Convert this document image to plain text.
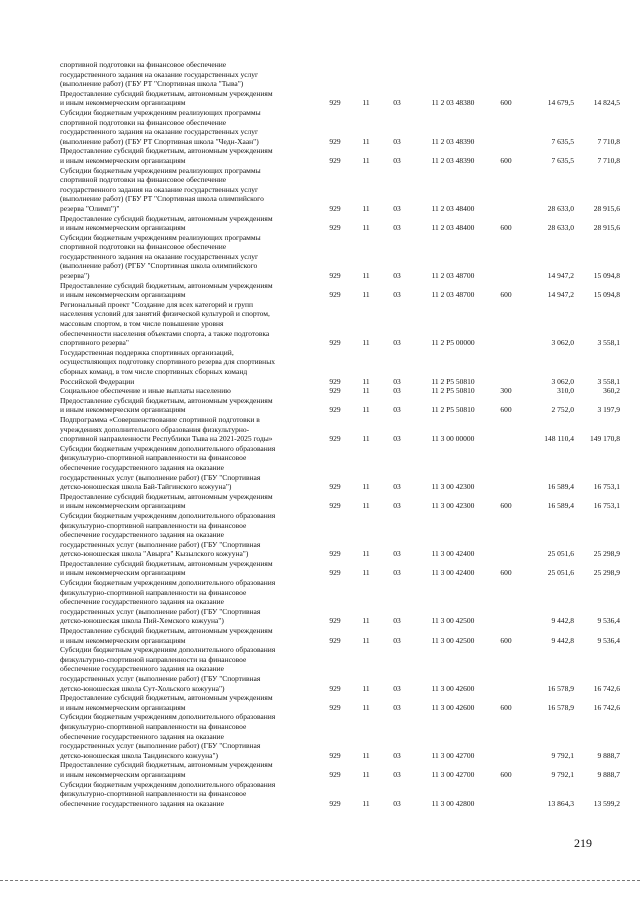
спортивной подготовки на финансовое обеспечение
государственного задания на оказание государственных услуг
(выполнение работ) (ГБУ РТ "Спортивная школа "Тыва")							
Предоставление субсидий бюджетным, автономным учреждениям
и иным некоммерческим организациям	929	11	03	11 2 03 48380	600	14 679,5	14 824,5
Субсидии бюджетным учреждениям реализующих программы
спортивной подготовки на финансовое обеспечение
государственного задания на оказание государственных услуг
(выполнение работ) (ГБУ РТ Спортивная школа "Чедн-Хаан")	929	11	03	11 2 03 48390		7 635,5	7 710,8
Предоставление субсидий бюджетным, автономным учреждениям
и иным некоммерческим организациям	929	11	03	11 2 03 48390	600	7 635,5	7 710,8
Субсидии бюджетным учреждениям реализующих программы
спортивной подготовки на финансовое обеспечение
государственного задания на оказание государственных услуг
(выполнение работ) (ГБУ РТ "Спортивная школа олимпийского
резерва "Олимп")"	929	11	03	11 2 03 48400		28 633,0	28 915,6
Предоставление субсидий бюджетным, автономным учреждениям
и иным некоммерческим организациям	929	11	03	11 2 03 48400	600	28 633,0	28 915,6
Субсидии бюджетным учреждениям реализующих программы
спортивной подготовки на финансовое обеспечение
государственного задания на оказание государственных услуг
(выполнение работ) (РГБУ "Спортивная школа олимпийского
резерва")	929	11	03	11 2 03 48700		14 947,2	15 094,8
Предоставление субсидий бюджетным, автономным учреждениям
и иным некоммерческим организациям	929	11	03	11 2 03 48700	600	14 947,2	15 094,8
Региональный проект "Создание для всех категорий и групп
населения условий для занятий физической культурой и спортом,
массовым спортом, в том числе повышение уровня
обеспеченности населения объектами спорта, а также подготовка
спортивного резерва"	929	11	03	11 2 P5 00000		3 062,0	3 558,1
Государственная поддержка спортивных организаций,
осуществляющих подготовку спортивного резерва для спортивных
сборных команд, в том числе спортивных сборных команд
Российской Федерации	929	11	03	11 2 P5 50810		3 062,0	3 558,1
Социальное обеспечение и иные выплаты населению	929	11	03	11 2 P5 50810	300	310,0	360,2
Предоставление субсидий бюджетным, автономным учреждениям
и иным некоммерческим организациям	929	11	03	11 2 P5 50810	600	2 752,0	3 197,9
Подпрограмма «Совершенствование спортивной подготовки в
учреждениях дополнительного образования физкультурно-
спортивной направленности Республики Тыва на 2021-2025 годы»	929	11	03	11 3 00 00000		148 110,4	149 170,8
Субсидии бюджетным учреждениям дополнительного образования
физкультурно-спортивной направленности на финансовое
обеспечение государственного задания на оказание
государственных услуг (выполнение работ) (ГБУ "Спортивная
детско-юношеская школа Бай-Тайгинского кожууна")	929	11	03	11 3 00 42300		16 589,4	16 753,1
Предоставление субсидий бюджетным, автономным учреждениям
и иным некоммерческим организациям	929	11	03	11 3 00 42300	600	16 589,4	16 753,1
Субсидии бюджетным учреждениям дополнительного образования
физкультурно-спортивной направленности на финансовое
обеспечение государственного задания на оказание
государственных услуг (выполнение работ) (ГБУ "Спортивная
детско-юношеская школа "Авырга" Кызылского кожууна")	929	11	03	11 3 00 42400		25 051,6	25 298,9
Предоставление субсидий бюджетным, автономным учреждениям
и иным некоммерческим организациям	929	11	03	11 3 00 42400	600	25 051,6	25 298,9
Субсидии бюджетным учреждениям дополнительного образования
физкультурно-спортивной направленности на финансовое
обеспечение государственного задания на оказание
государственных услуг (выполнение работ) (ГБУ "Спортивная
детско-юношеская школа Пий-Хемского кожууна")	929	11	03	11 3 00 42500		9 442,8	9 536,4
Предоставление субсидий бюджетным, автономным учреждениям
и иным некоммерческим организациям	929	11	03	11 3 00 42500	600	9 442,8	9 536,4
Субсидии бюджетным учреждениям дополнительного образования
физкультурно-спортивной направленности на финансовое
обеспечение государственного задания на оказание
государственных услуг (выполнение работ) (ГБУ "Спортивная
детско-юношеская школа Сут-Хольского кожууна")	929	11	03	11 3 00 42600		16 578,9	16 742,6
Предоставление субсидий бюджетным, автономным учреждениям
и иным некоммерческим организациям	929	11	03	11 3 00 42600	600	16 578,9	16 742,6
Субсидии бюджетным учреждениям дополнительного образования
физкультурно-спортивной направленности на финансовое
обеспечение государственного задания на оказание
государственных услуг (выполнение работ) (ГБУ "Спортивная
детско-юношеская школа Тандинского кожууна")	929	11	03	11 3 00 42700		9 792,1	9 888,7
Предоставление субсидий бюджетным, автономным учреждениям
и иным некоммерческим организациям	929	11	03	11 3 00 42700	600	9 792,1	9 888,7
Субсидии бюджетным учреждениям дополнительного образования
физкультурно-спортивной направленности на финансовое
обеспечение государственного задания на оказание	929	11	03	11 3 00 42800		13 864,3	13 599,2
219
